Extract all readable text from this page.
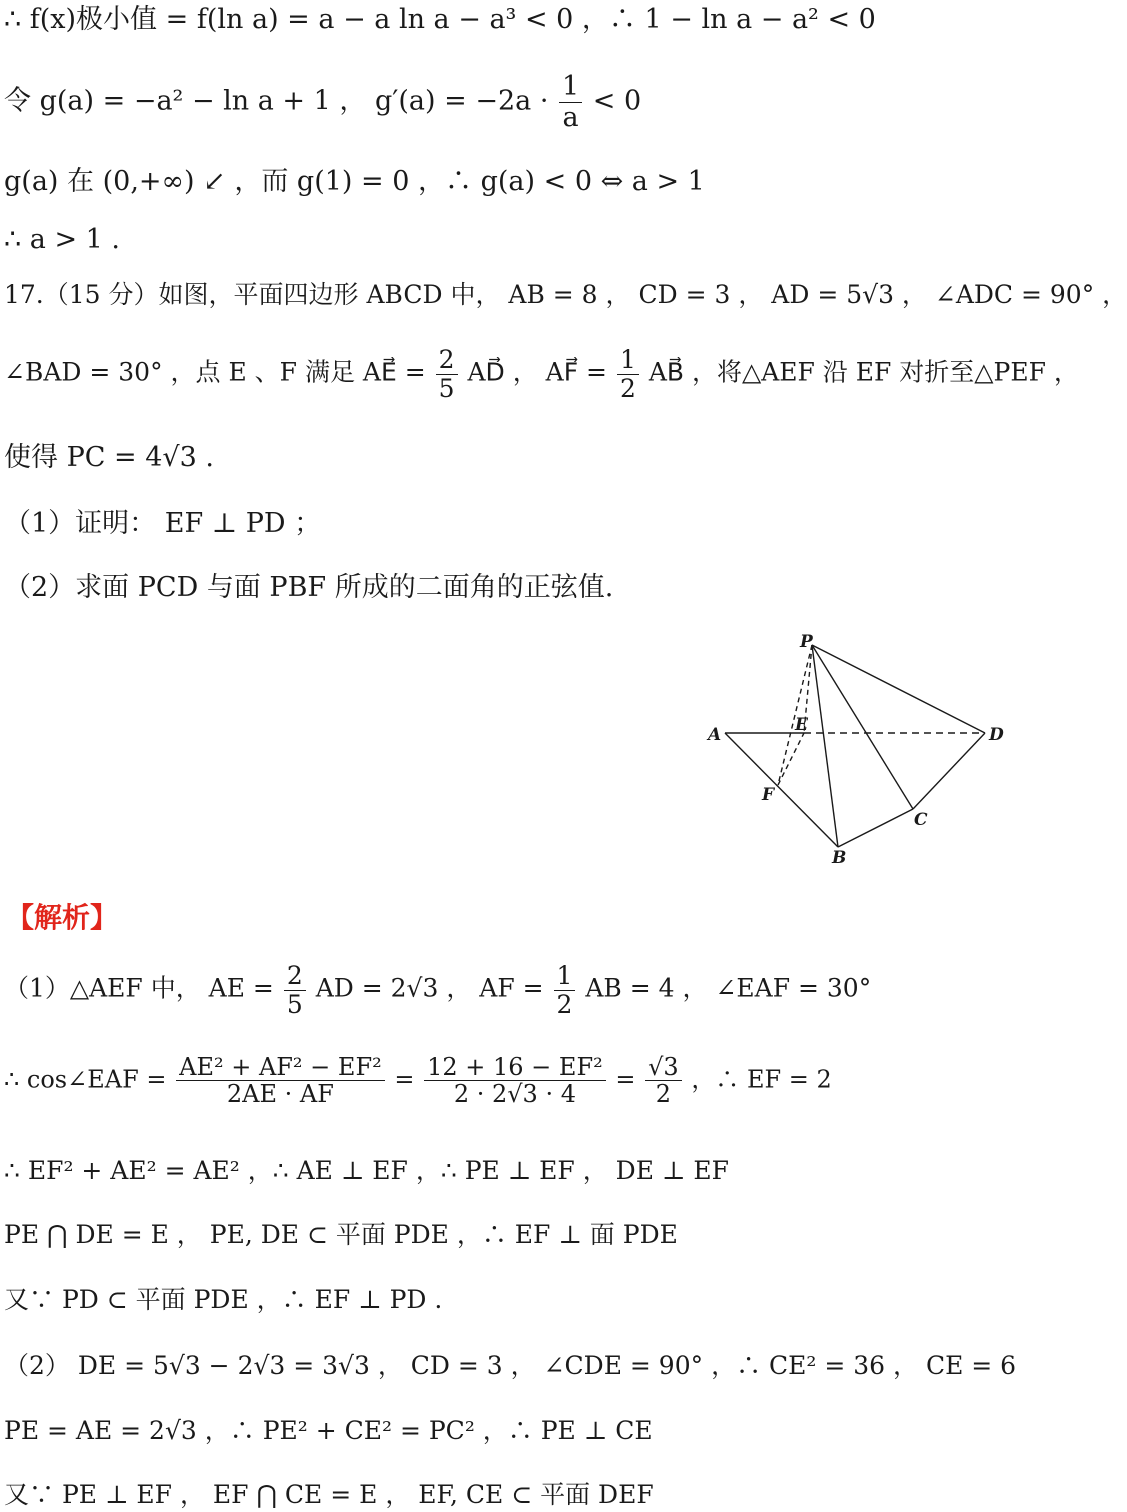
∴ f(x)极小值 = f(ln a) = a − a ln a − a³ < 0 ，∴ 1 − ln a − a² < 0
令 g(a) = −a² − ln a + 1 ， $g'(a) = -2a \cdot \frac{1}{a} < 0$
g(a) 在 (0,+∞) ↙ ，而 g(1) = 0 ，∴ g(a) < 0 ⇔ a > 1
∴ a > 1 .
17.（15 分）如图，平面四边形 ABCD 中， AB = 8 ， CD = 3 ， AD = 5√3 ， ∠ADC = 90° ，
∠BAD = 30° ，点 E 、F 满足 AE⃗ = $\frac{2}{5}$ AD⃗ ， AF⃗ = $\frac{1}{2}$ AB⃗ ，将△AEF 沿 EF 对折至△PEF ，
使得 PC = 4√3 .
（1）证明： EF ⊥ PD ；
（2）求面 PCD 与面 PBF 所成的二面角的正弦值.
P
A	E	D
F
C
B
【解析】
（1）△AEF 中， AE = $\frac{2}{5}$ AD = 2√3 ， AF = $\frac{1}{2}$ AB = 4 ， ∠EAF = 30°
∴ cos∠EAF = $\frac{\text{AE² + AF² − EF²}}{2AE \cdot AF} = \frac{\text{12 + 16 − EF²}}{2 \cdot 2√3 \cdot 4} = \frac{√3}{2}$ ，∴ EF = 2
∴ EF² + AE² = AE² ，∴ AE ⊥ EF ，∴ PE ⊥ EF ， DE ⊥ EF
PE ⋂ DE = E ， PE, DE ⊂ 平面 PDE ，∴ EF ⊥ 面 PDE
又∵ PD ⊂ 平面 PDE ，∴ EF ⊥ PD .
（2） DE = 5√3 − 2√3 = 3√3 ， CD = 3 ， ∠CDE = 90° ，∴ CE² = 36 ， CE = 6
PE = AE = 2√3 ，∴ PE² + CE² = PC² ，∴ PE ⊥ CE
又∵ PE ⊥ EF ， EF ⋂ CE = E ， EF, CE ⊂ 平面 DEF
